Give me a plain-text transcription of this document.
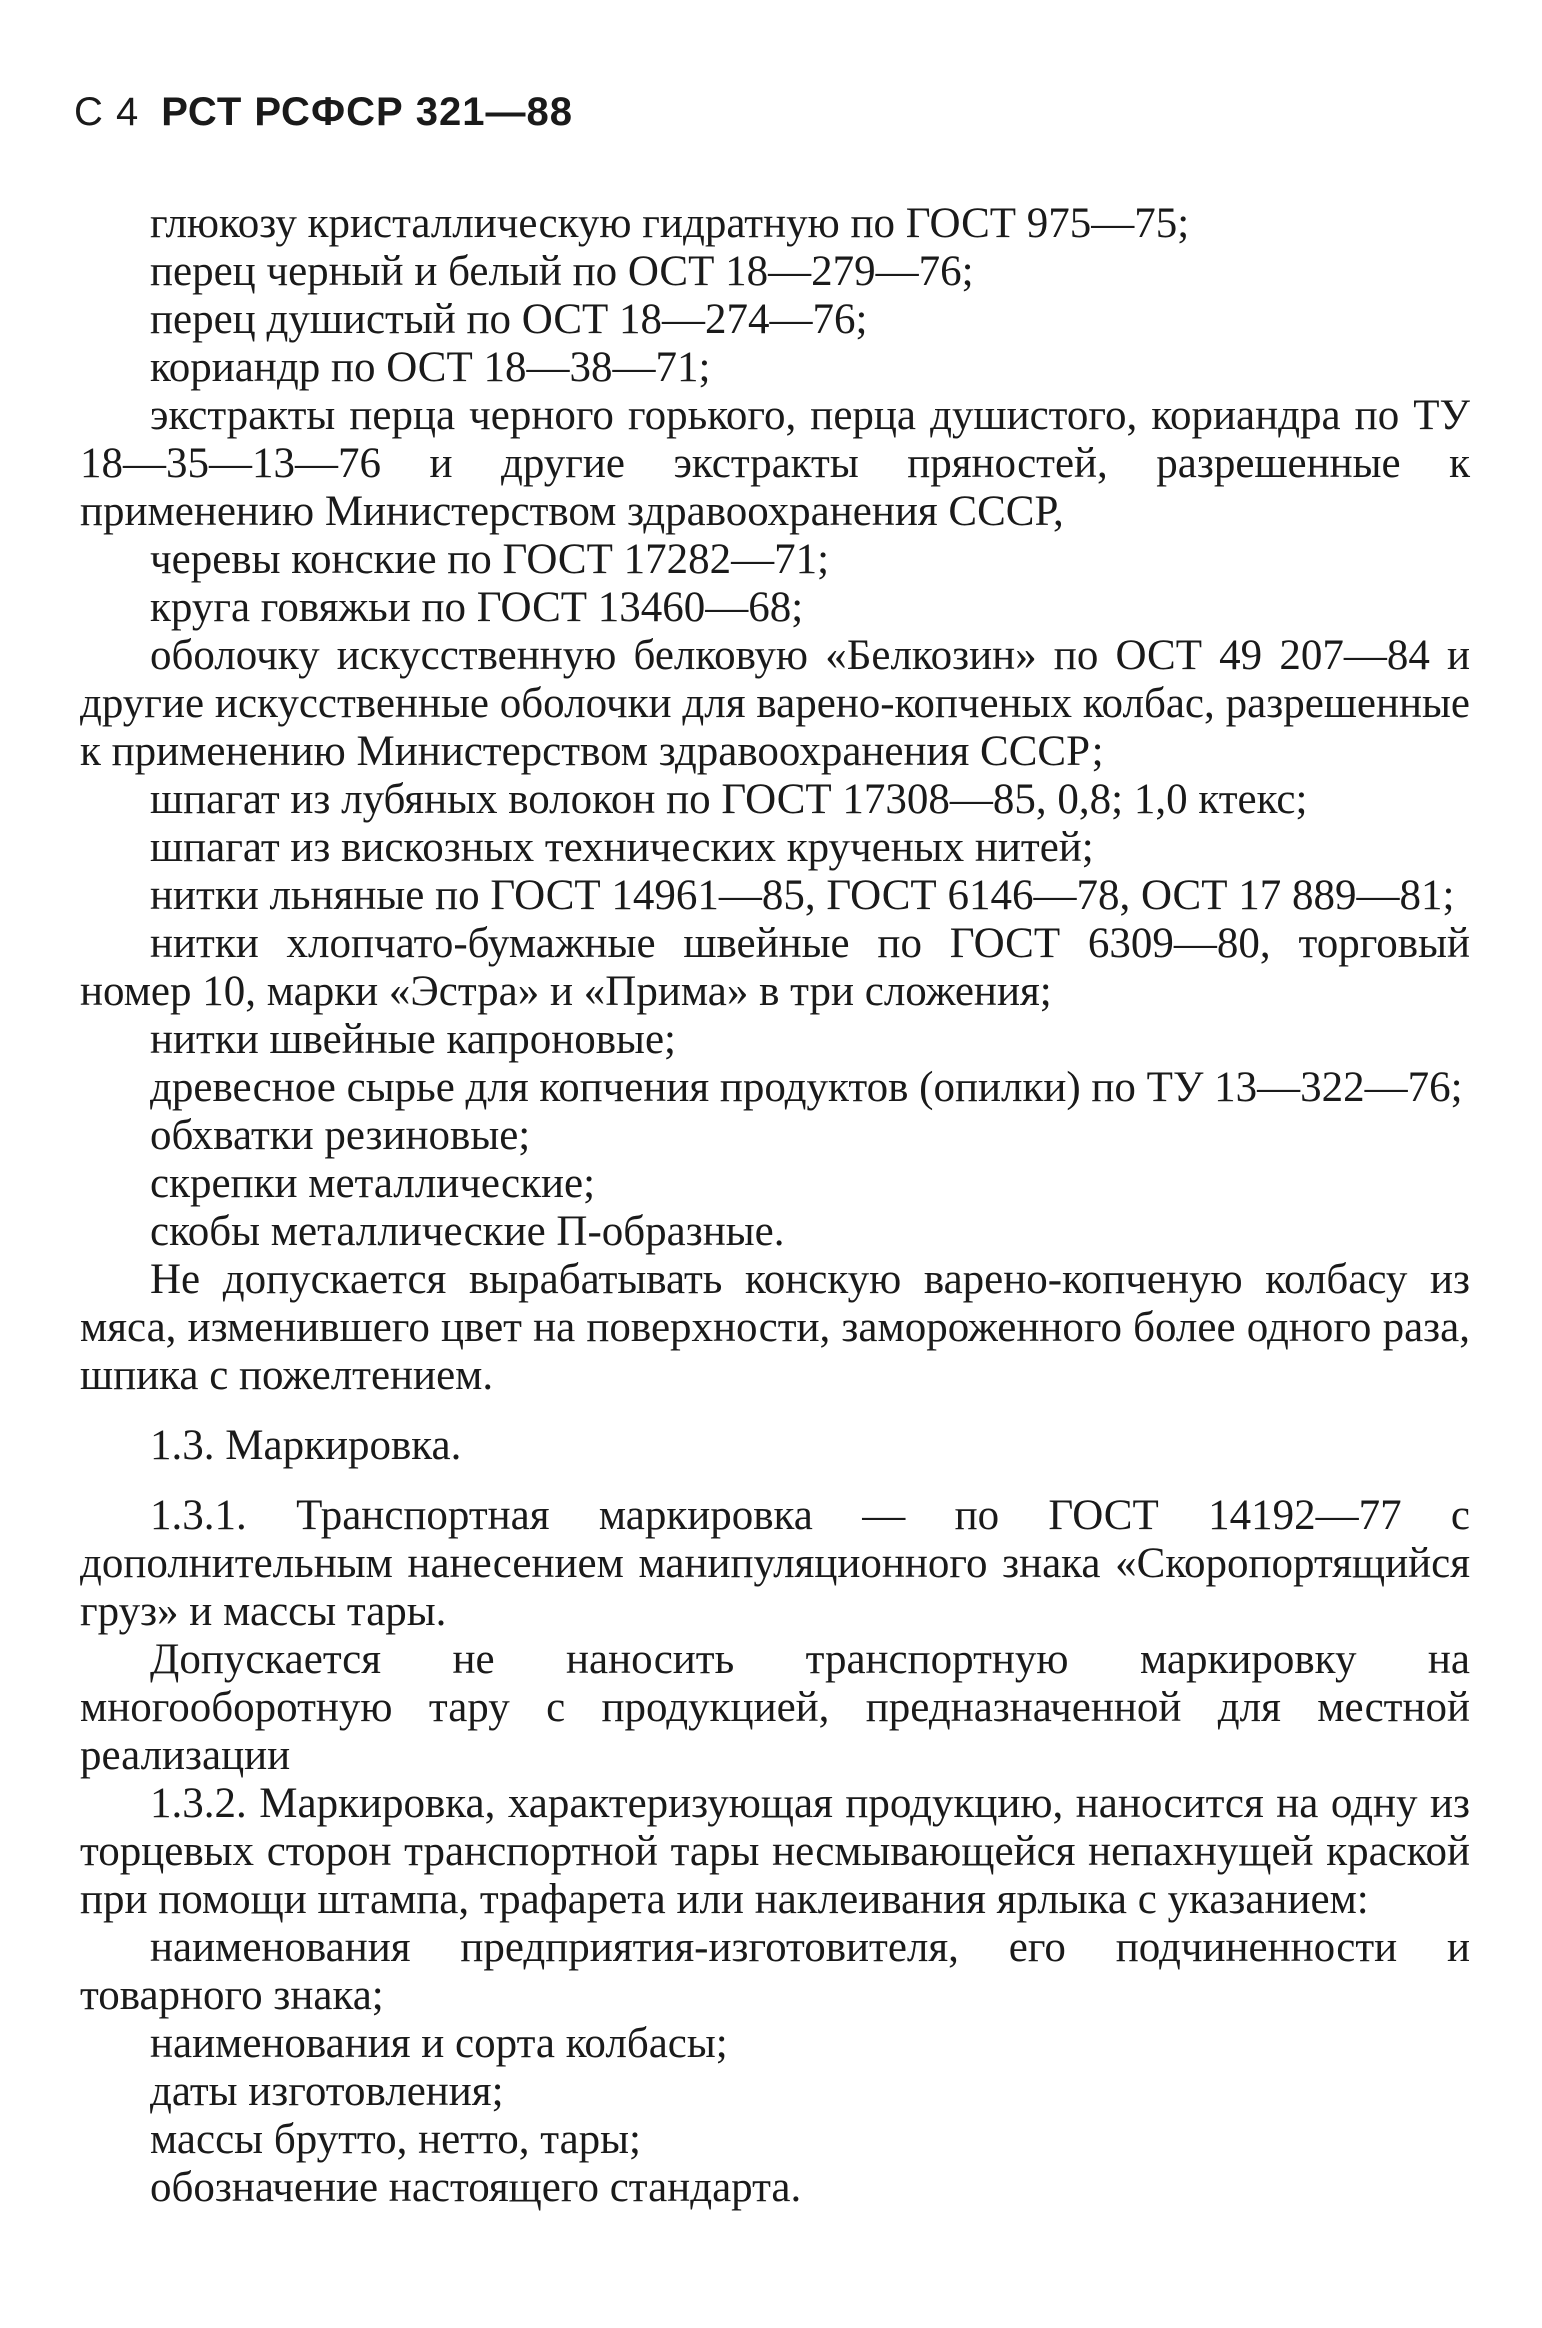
С 4 РСТ РСФСР 321—88

глюкозу кристаллическую гидратную по ГОСТ 975—75;

перец черный и белый по ОСТ 18—279—76;

перец душистый по ОСТ 18—274—76;

кориандр по ОСТ 18—38—71;

экстракты перца черного горького, перца душистого, кориандра по ТУ 18—35—13—76 и другие экстракты пряностей, разрешенные к применению Министерством здравоохранения СССР,

черевы конские по ГОСТ 17282—71;

круга говяжьи по ГОСТ 13460—68;

оболочку искусственную белковую «Белкозин» по ОСТ 49 207—84 и другие искусственные оболочки для варено-копченых колбас, разрешенные к применению Министерством здравоохранения СССР;

шпагат из лубяных волокон по ГОСТ 17308—85, 0,8; 1,0 ктекс;

шпагат из вискозных технических крученых нитей;

нитки льняные по ГОСТ 14961—85, ГОСТ 6146—78, ОСТ 17 889—81;

нитки хлопчато-бумажные швейные по ГОСТ 6309—80, торговый номер 10, марки «Эстра» и «Прима» в три сложения;

нитки швейные капроновые;

древесное сырье для копчения продуктов (опилки) по ТУ 13—322—76;

обхватки резиновые;

скрепки металлические;

скобы металлические П-образные.

Не допускается вырабатывать конскую варено-копченую колбасу из мяса, изменившего цвет на поверхности, замороженного более одного раза, шпика с пожелтением.

1.3. Маркировка.

1.3.1. Транспортная маркировка — по ГОСТ 14192—77 с дополнительным нанесением манипуляционного знака «Скоропортящийся груз» и массы тары.

Допускается не наносить транспортную маркировку на многооборотную тару с продукцией, предназначенной для местной реализации

1.3.2. Маркировка, характеризующая продукцию, наносится на одну из торцевых сторон транспортной тары несмывающейся непахнущей краской при помощи штампа, трафарета или наклеивания ярлыка с указанием:

наименования предприятия-изготовителя, его подчиненности и товарного знака;

наименования и сорта колбасы;

даты изготовления;

массы брутто, нетто, тары;

обозначение настоящего стандарта.
